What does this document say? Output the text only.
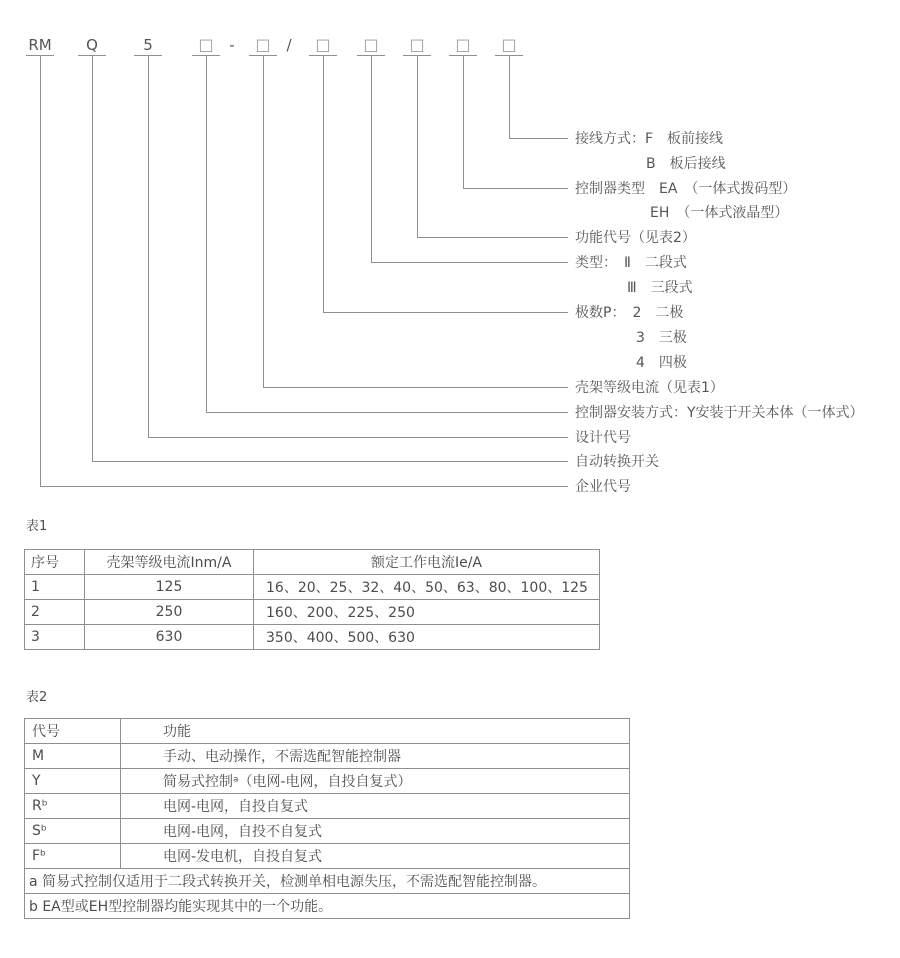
RM Q	5	□ - □ / □ □ □ □ □
接线方式：F　板前接线
B　板后接线
控制器类型　EA　（一体式拨码型）
EH　（一体式液晶型）
功能代号（见表2）
类型：　Ⅱ　二段式
Ⅲ　三段式
极数P：　2　二极
3　三极
4　四极
壳架等级电流（见表1）
控制器安装方式：Y安装于开关本体（一体式）
设计代号
自动转换开关
企业代号
表1
序号	壳架等级电流Inm/A	额定工作电流Ie/A
1	125	16、20、25、32、40、50、63、80、100、125
2	250	160、200、225、250
3	630	350、400、500、630
表2
代号	功能
M	手动、电动操作，不需选配智能控制器
Y	简易式控制ᵃ（电网-电网，自投自复式）
Rᵇ	电网-电网，自投自复式
Sᵇ	电网-电网，自投不自复式
Fᵇ	电网-发电机，自投自复式
a 简易式控制仅适用于二段式转换开关，检测单相电源失压，不需选配智能控制器。	
b EA型或EH型控制器均能实现其中的一个功能。	
